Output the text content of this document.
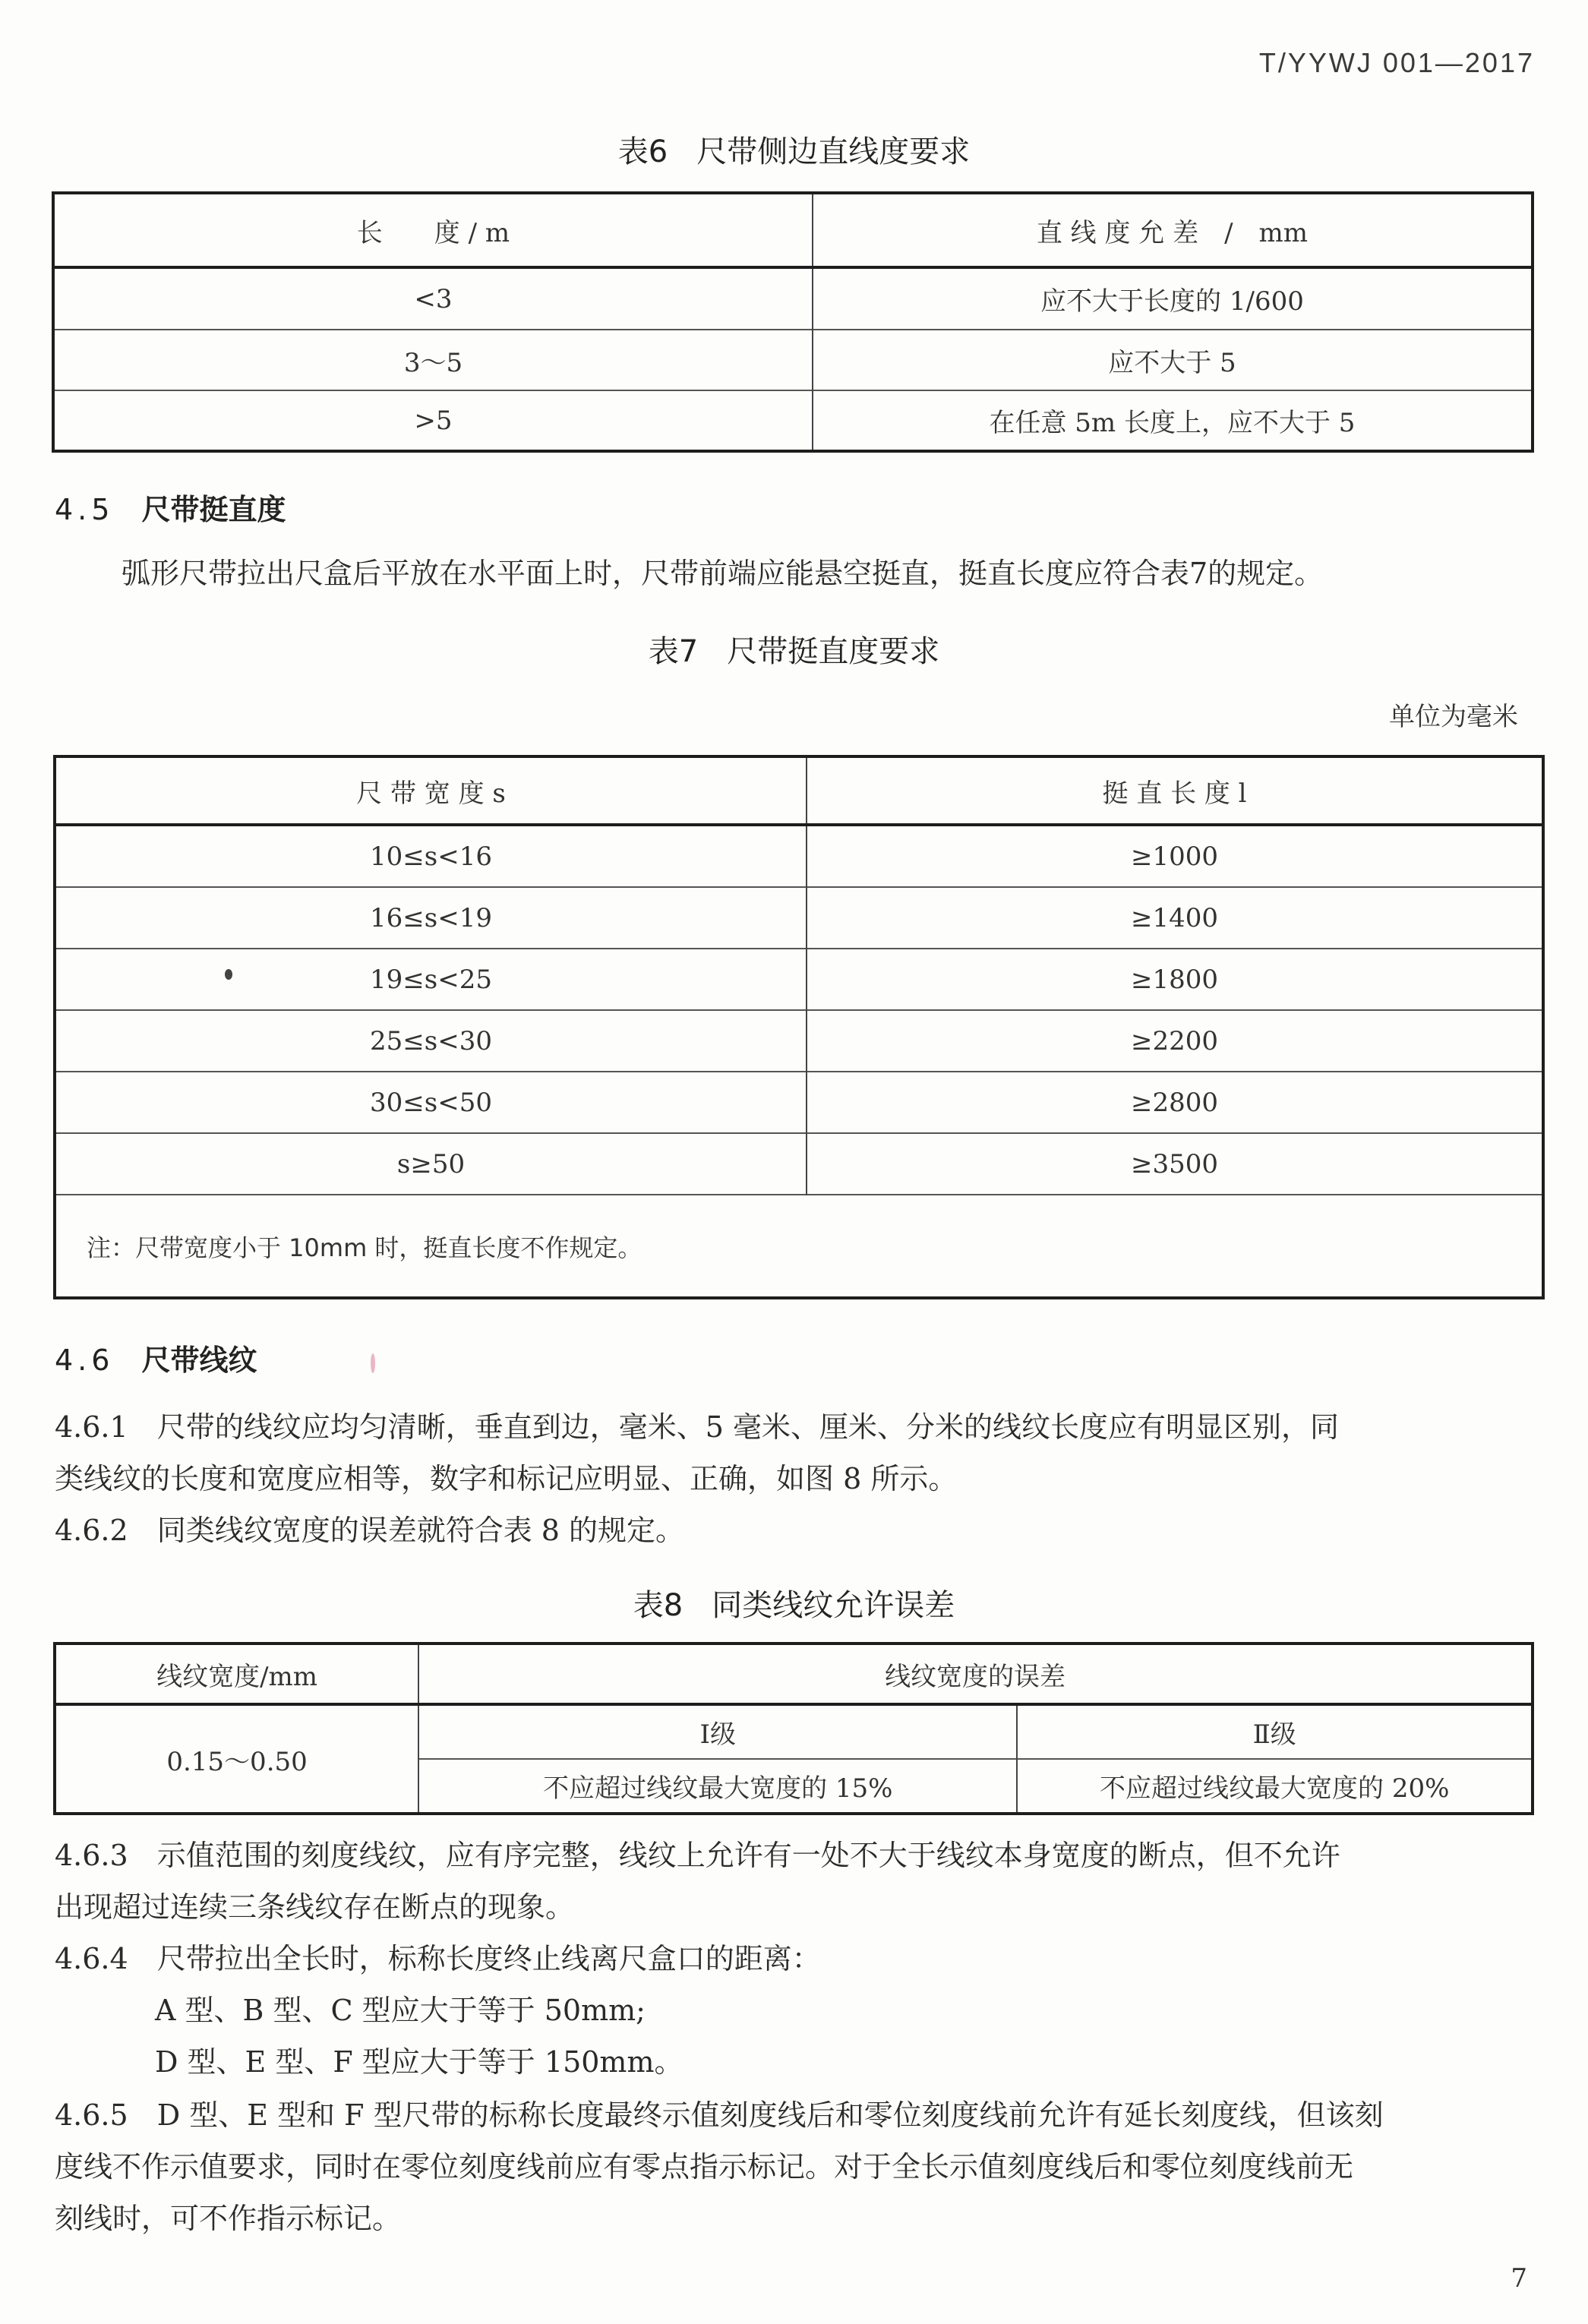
T/YYWJ 001—2017
表6 尺带侧边直线度要求
长　　度 / m	直 线 度 允 差　/　mm
<3	应不大于长度的 1/600
3～5	应不大于 5
>5	在任意 5m 长度上，应不大于 5
4.5 尺带挺直度
弧形尺带拉出尺盒后平放在水平面上时，尺带前端应能悬空挺直，挺直长度应符合表7的规定。
表7 尺带挺直度要求
单位为毫米
尺 带 宽 度 s	挺 直 长 度 l
10≤s<16	≥1000
16≤s<19	≥1400
19≤s<25	≥1800
25≤s<30	≥2200
30≤s<50	≥2800
s≥50	≥3500
注：尺带宽度小于 10mm 时，挺直长度不作规定。	
4.6 尺带线纹
4.6.1　尺带的线纹应均匀清晰，垂直到边，毫米、5 毫米、厘米、分米的线纹长度应有明显区别，同
类线纹的长度和宽度应相等，数字和标记应明显、正确，如图 8 所示。
4.6.2　同类线纹宽度的误差就符合表 8 的规定。
表8 同类线纹允许误差
线纹宽度/mm	线纹宽度的误差	
0.15～0.50	Ⅰ级	Ⅱ级
	不应超过线纹最大宽度的 15%	不应超过线纹最大宽度的 20%
4.6.3　示值范围的刻度线纹，应有序完整，线纹上允许有一处不大于线纹本身宽度的断点，但不允许
出现超过连续三条线纹存在断点的现象。
4.6.4　尺带拉出全长时，标称长度终止线离尺盒口的距离：
A 型、B 型、C 型应大于等于 50mm;
D 型、E 型、F 型应大于等于 150mm。
4.6.5　D 型、E 型和 F 型尺带的标称长度最终示值刻度线后和零位刻度线前允许有延长刻度线，但该刻
度线不作示值要求，同时在零位刻度线前应有零点指示标记。对于全长示值刻度线后和零位刻度线前无
刻线时，可不作指示标记。
7
